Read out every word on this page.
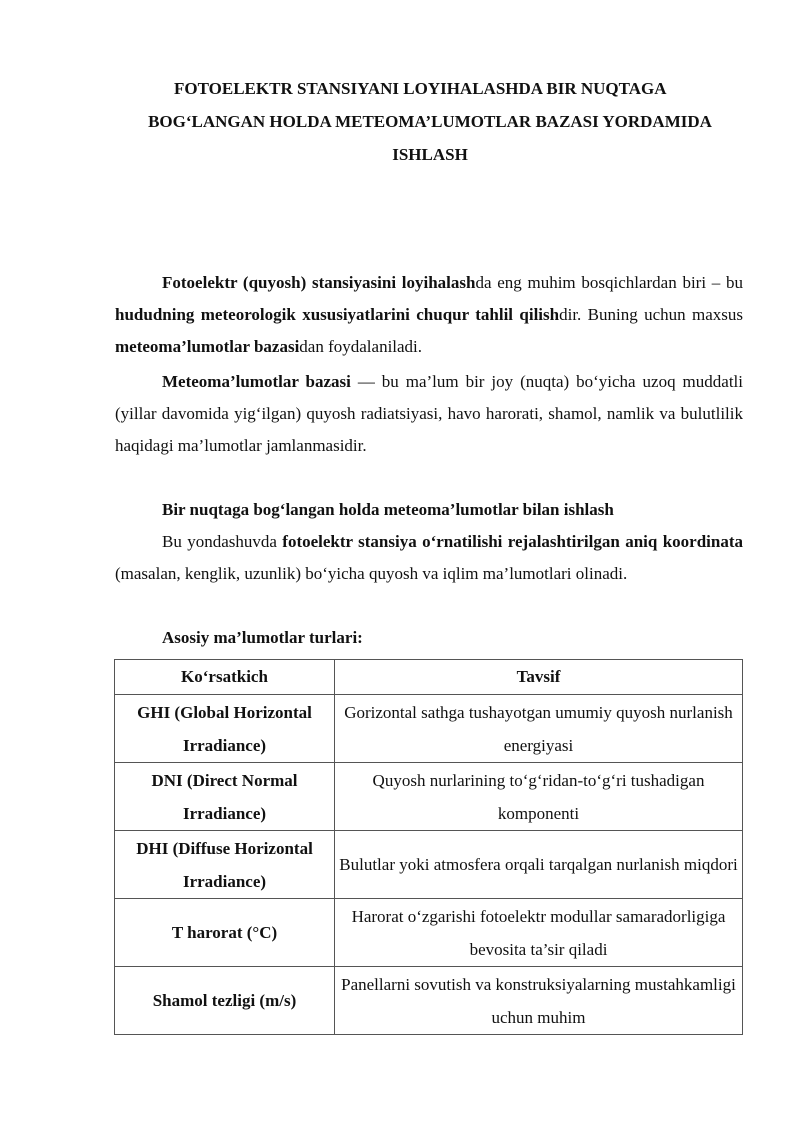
FOTOELEKTR STANSIYANI LOYIHALASHDA BIR NUQTAGA
BOG‘LANGAN HOLDA METEOMA’LUMOTLAR BAZASI YORDAMIDA
ISHLASH
Fotoelektr (quyosh) stansiyasini loyihalashda eng muhim bosqichlardan biri – bu hududning meteorologik xususiyatlarini chuqur tahlil qilishdir. Buning uchun maxsus meteoma’lumotlar bazasidan foydalaniladi.
Meteoma’lumotlar bazasi — bu ma’lum bir joy (nuqta) bo‘yicha uzoq muddatli (yillar davomida yig‘ilgan) quyosh radiatsiyasi, havo harorati, shamol, namlik va bulutlilik haqidagi ma’lumotlar jamlanmasidir.
Bir nuqtaga bog‘langan holda meteoma’lumotlar bilan ishlash
Bu yondashuvda fotoelektr stansiya o‘rnatilishi rejalashtirilgan aniq koordinata (masalan, kenglik, uzunlik) bo‘yicha quyosh va iqlim ma’lumotlari olinadi.
Asosiy ma’lumotlar turlari:
Ko‘rsatkich	Tavsif
GHI (Global Horizontal Irradiance)	Gorizontal sathga tushayotgan umumiy quyosh nurlanish energiyasi
DNI (Direct Normal Irradiance)	Quyosh nurlarining to‘g‘ridan-to‘g‘ri tushadigan komponenti
DHI (Diffuse Horizontal Irradiance)	Bulutlar yoki atmosfera orqali tarqalgan nurlanish miqdori
T harorat (°C)	Harorat o‘zgarishi fotoelektr modullar samaradorligiga bevosita ta’sir qiladi
Shamol tezligi (m/s)	Panellarni sovutish va konstruksiyalarning mustahkamligi uchun muhim
